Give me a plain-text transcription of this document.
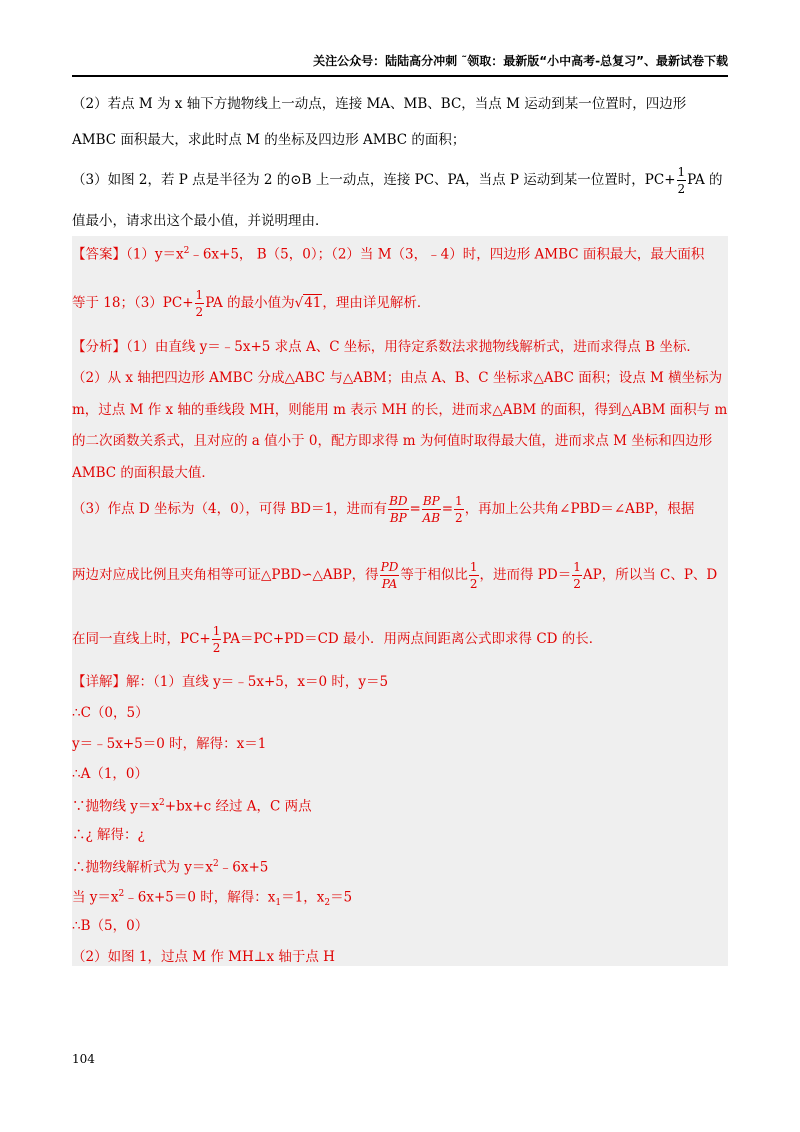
关注公众号：陆陆高分冲刺 ˜领取：最新版“小中高考-总复习”、最新试卷下载
（2）若点 M 为 x 轴下方抛物线上一动点，连接 MA、MB、BC，当点 M 运动到某一位置时，四边形
AMBC 面积最大，求此时点 M 的坐标及四边形 AMBC 的面积；
（3）如图 2，若 P 点是半径为 2 的⊙B 上一动点，连接 PC、PA，当点 P 运动到某一位置时，$PC+ \frac{1}{2}$ PA 的
值最小，请求出这个最小值，并说明理由．
【答案】$(1)y=x^2﹣6x+5$， B（5，0）；（2）当 M（3，﹣4）时，四边形 AMBC 面积最大，最大面积
等于 18；$(3)PC+ \frac{1}{2}$ PA 的最小值为√41，理由详见解析．
【分析】（1）由直线 y＝﹣5x+5 求点 A、C 坐标，用待定系数法求抛物线解析式，进而求得点 B 坐标．
（2）从 x 轴把四边形 AMBC 分成△ABC 与△ABM；由点 A、B、C 坐标求△ABC 面积；设点 M 横坐标为
m，过点 M 作 x 轴的垂线段 MH，则能用 m 表示 MH 的长，进而求△ABM 的面积，得到△ABM 面积与 m
的二次函数关系式，且对应的 a 值小于 0，配方即求得 m 为何值时取得最大值，进而求点 M 坐标和四边形
AMBC 的面积最大值．
（3）作点 D 坐标为（4，0），可得 BD＝1，进而有 $\frac{BD}{BP} = \frac{BP}{AB} = \frac{1}{2}$ ，再加上公共角∠PBD＝∠ABP，根据
两边对应成比例且夹角相等可证△PBD∽△ABP，得 $\frac{PD}{PA}$ 等于相似比 $\frac{1}{2}$ ，进而得 $PD= \frac{1}{2}$ AP，所以当 C、P、D
在同一直线上时，$PC+ \frac{1}{2} PA=PC+PD=CD$ 最小．用两点间距离公式即求得 CD 的长．
【详解】解：（1）直线 y＝﹣5x+5，x＝0 时，y＝5
∴C（0，5）
y＝﹣5x+5＝0 时，解得：x＝1
∴A（1，0）
∵抛物线 $y=x^2+bx+c$ 经过 A，C 两点
∴¿ 解得：¿
∴抛物线解析式为 $y=x^2﹣6x+5$
当 $y=x^2﹣6x+5=0$ 时，解得：$x_1=1$，$x_2=5$
∴B（5，0）
（2）如图 1，过点 M 作 MH⊥x 轴于点 H
104
